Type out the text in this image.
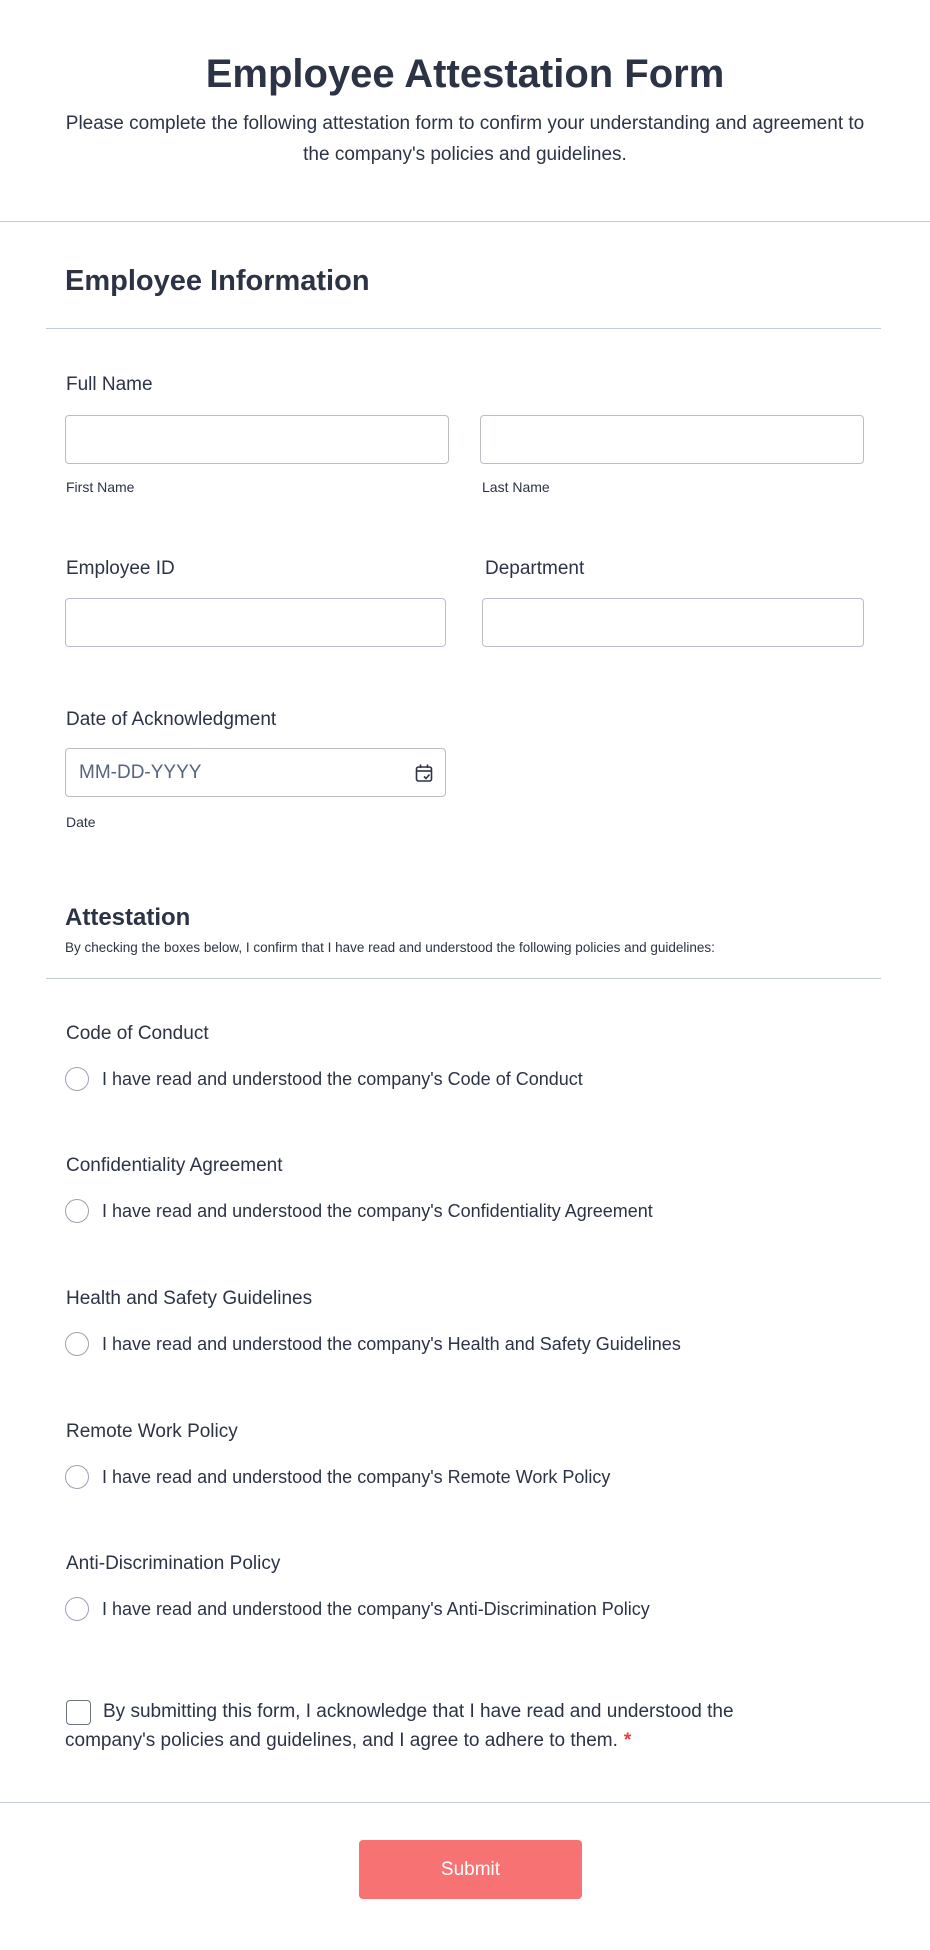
Employee Attestation Form
Please complete the following attestation form to confirm your understanding and agreement to the company's policies and guidelines.
Employee Information
Full Name
First Name	Last Name
Employee ID	Department
Date of Acknowledgment
MM-DD-YYYY
Date
Attestation
By checking the boxes below, I confirm that I have read and understood the following policies and guidelines:
Code of Conduct
I have read and understood the company's Code of Conduct
Confidentiality Agreement
I have read and understood the company's Confidentiality Agreement
Health and Safety Guidelines
I have read and understood the company's Health and Safety Guidelines
Remote Work Policy
I have read and understood the company's Remote Work Policy
Anti-Discrimination Policy
I have read and understood the company's Anti-Discrimination Policy
By submitting this form, I acknowledge that I have read and understood the company's policies and guidelines, and I agree to adhere to them. *
Submit
